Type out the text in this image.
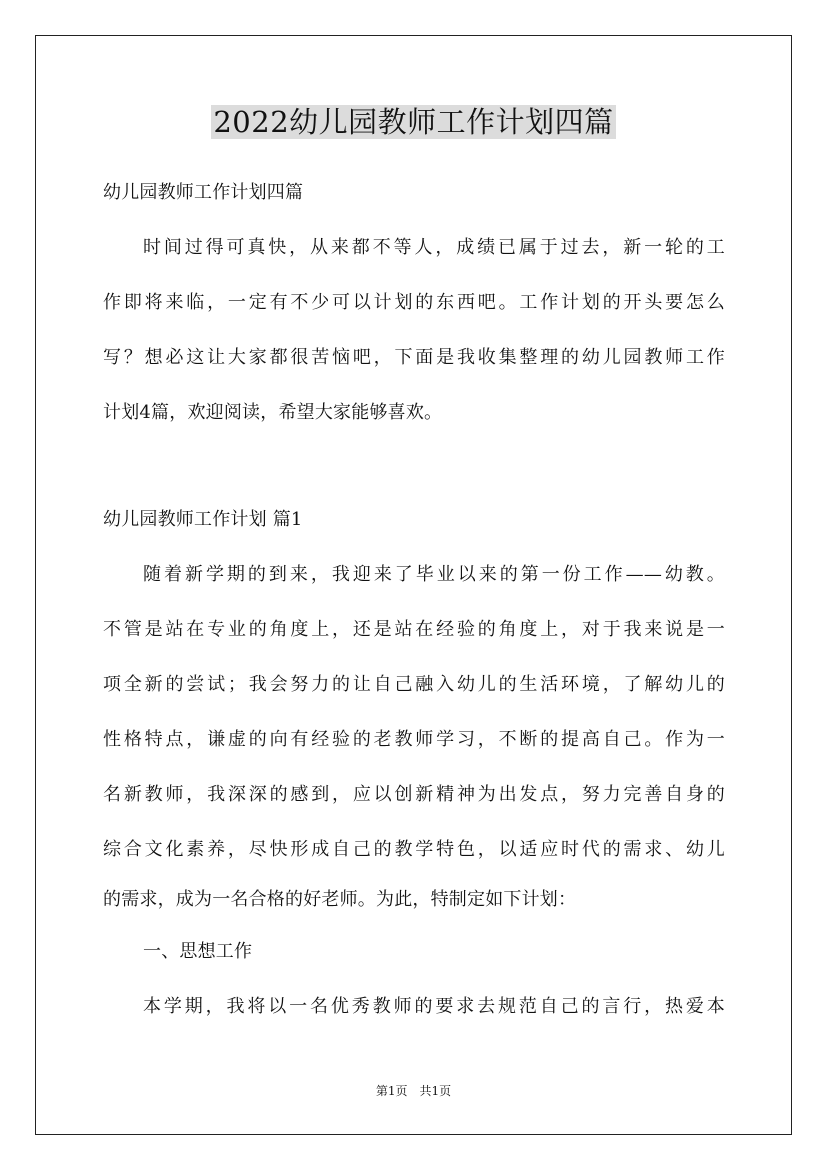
2022幼儿园教师工作计划四篇
幼儿园教师工作计划四篇
时间过得可真快，从来都不等人，成绩已属于过去，新一轮的工
作即将来临，一定有不少可以计划的东西吧。工作计划的开头要怎么
写？想必这让大家都很苦恼吧，下面是我收集整理的幼儿园教师工作
计划4篇，欢迎阅读，希望大家能够喜欢。
幼儿园教师工作计划 篇1
随着新学期的到来，我迎来了毕业以来的第一份工作——幼教。
不管是站在专业的角度上，还是站在经验的角度上，对于我来说是一
项全新的尝试；我会努力的让自己融入幼儿的生活环境，了解幼儿的
性格特点，谦虚的向有经验的老教师学习，不断的提高自己。作为一
名新教师，我深深的感到，应以创新精神为出发点，努力完善自身的
综合文化素养，尽快形成自己的教学特色，以适应时代的需求、幼儿
的需求，成为一名合格的好老师。为此，特制定如下计划：
一、思想工作
本学期，我将以一名优秀教师的要求去规范自己的言行，热爱本
第1页　共1页
